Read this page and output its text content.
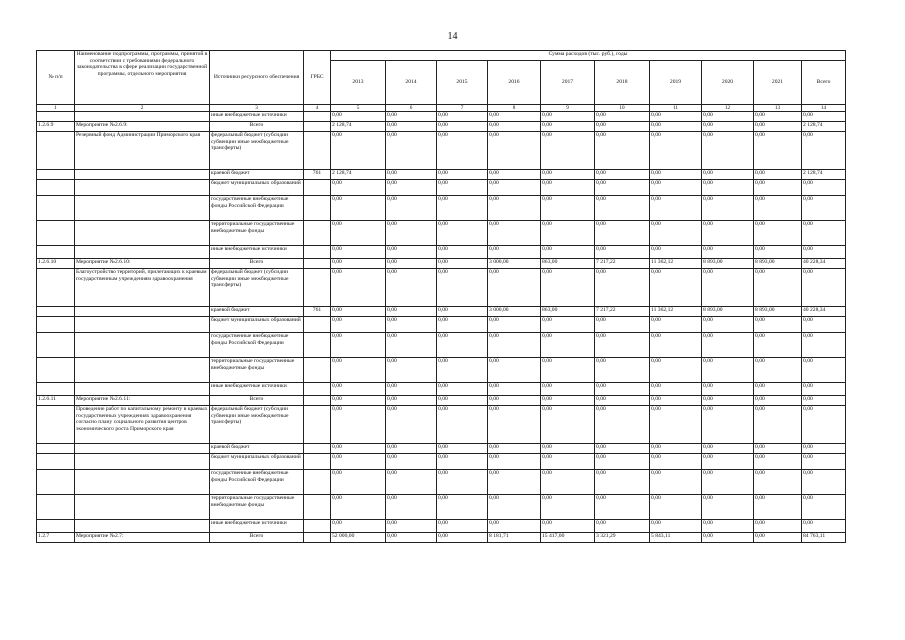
14
№ п/п	Наименование подпрограммы, программы, принятой в соответствии с требованиями федерального законодательства в сфере реализации государственной программы, отдельного мероприятия	Источники ресурсного обеспечения	ГРБС	Сумма расходов (тыс. руб.), годы									
				2013	2014	2015	2016	2017	2018	2019	2020	2021	Всего
1	2	3	4	5	6	7	8	9	10	11	12	13	14
		иные внебюджетные источники		0,00	0,00	0,00	0,00	0,00	0,00	0,00	0,00	0,00	0,00
1.2.6.9	Мероприятие №2.6.9:	Всего		2 128,74	0,00	0,00	0,00	0,00	0,00	0,00	0,00	0,00	2 128,74
	Резервный фонд Администрации Приморского края	федеральный бюджет (субсидии субвенции иные межбюджетные трансферты)		0,00	0,00	0,00	0,00	0,00	0,00	0,00	0,00	0,00	0,00
		краевой бюджет	761	2 128,74	0,00	0,00	0,00	0,00	0,00	0,00	0,00	0,00	2 128,74
		бюджет муниципальных образований		0,00	0,00	0,00	0,00	0,00	0,00	0,00	0,00	0,00	0,00
		государственные внебюджетные фонды Российской Федерации		0,00	0,00	0,00	0,00	0,00	0,00	0,00	0,00	0,00	0,00
		территориальные государственные внебюджетные фонды		0,00	0,00	0,00	0,00	0,00	0,00	0,00	0,00	0,00	0,00
		иные внебюджетные источники		0,00	0,00	0,00	0,00	0,00	0,00	0,00	0,00	0,00	0,00
1.2.6.10	Мероприятие №2.6.10:	Всего		0,00	0,00	0,00	3 000,00	863,00	7 217,22	11 362,12	8 893,00	8 893,00	40 228,34
	Благоустройство территорий, прилегающих к краевым государственным учреждениям здравоохранения	федеральный бюджет (субсидии субвенции иные межбюджетные трансферты)		0,00	0,00	0,00	0,00	0,00	0,00	0,00	0,00	0,00	0,00
		краевой бюджет	761	0,00	0,00	0,00	3 000,00	863,00	7 217,22	11 362,12	8 893,00	8 893,00	40 228,34
		бюджет муниципальных образований		0,00	0,00	0,00	0,00	0,00	0,00	0,00	0,00	0,00	0,00
		государственные внебюджетные фонды Российской Федерации		0,00	0,00	0,00	0,00	0,00	0,00	0,00	0,00	0,00	0,00
		территориальные государственные внебюджетные фонды		0,00	0,00	0,00	0,00	0,00	0,00	0,00	0,00	0,00	0,00
		иные внебюджетные источники		0,00	0,00	0,00	0,00	0,00	0,00	0,00	0,00	0,00	0,00
1.2.6.11	Мероприятие №2.6.11:	Всего		0,00	0,00	0,00	0,00	0,00	0,00	0,00	0,00	0,00	0,00
	Проведение работ по капитальному ремонту в краевых государственных учреждениях здравоохранения согласно плану социального развития центров экономического роста Приморского края	федеральный бюджет (субсидии субвенции иные межбюджетные трансферты)		0,00	0,00	0,00	0,00	0,00	0,00	0,00	0,00	0,00	0,00
		краевой бюджет		0,00	0,00	0,00	0,00	0,00	0,00	0,00	0,00	0,00	0,00
		бюджет муниципальных образований		0,00	0,00	0,00	0,00	0,00	0,00	0,00	0,00	0,00	0,00
		государственные внебюджетные фонды Российской Федерации		0,00	0,00	0,00	0,00	0,00	0,00	0,00	0,00	0,00	0,00
		территориальные государственные внебюджетные фонды		0,00	0,00	0,00	0,00	0,00	0,00	0,00	0,00	0,00	0,00
		иные внебюджетные источники		0,00	0,00	0,00	0,00	0,00	0,00	0,00	0,00	0,00	0,00
1.2.7	Мероприятие №2.7:	Всего		52 000,00	0,00	0,00	8 181,71	15 417,00	3 321,29	5 843,11	0,00	0,00	84 763,11
